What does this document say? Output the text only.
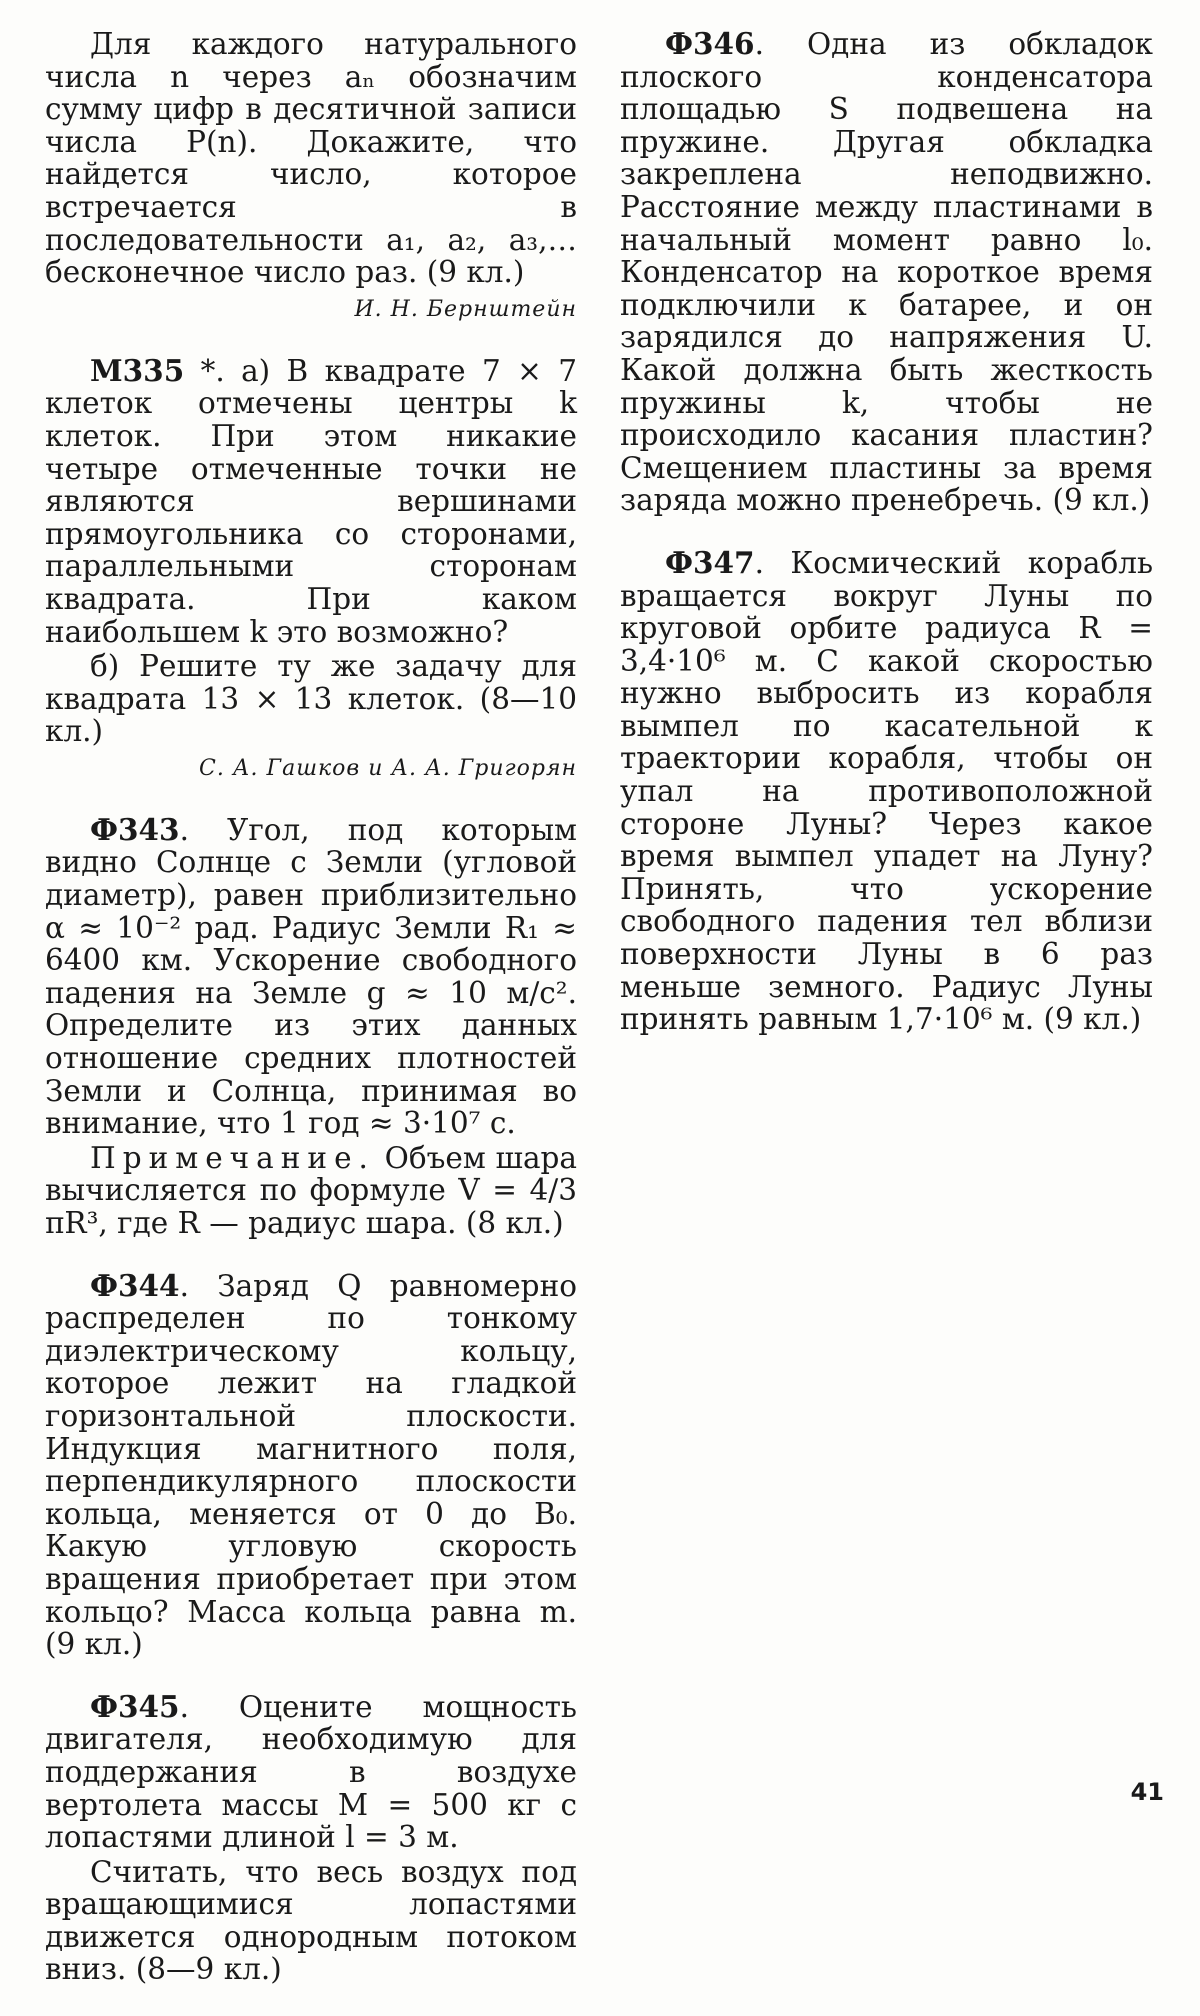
Для каждого натурального числа n через aₙ обозначим сумму цифр в десятичной записи числа P(n). Докажите, что найдется число, которое встречается в последовательности a₁, a₂, a₃,… бесконечное число раз. (9 кл.)

И. Н. Бернштейн

М335 *. а) В квадрате 7 × 7 клеток отмечены центры k клеток. При этом никакие четыре отмеченные точки не являются вершинами прямоугольника со сторонами, параллельными сторонам квадрата. При каком наибольшем k это возможно?

б) Решите ту же задачу для квадрата 13 × 13 клеток. (8—10 кл.)

С. А. Гашков и А. А. Григорян

Ф343. Угол, под которым видно Солнце с Земли (угловой диаметр), равен приблизительно α ≈ 10⁻² рад. Радиус Земли R₁ ≈ 6400 км. Ускорение свободного падения на Земле g ≈ 10 м/с². Определите из этих данных отношение средних плотностей Земли и Солнца, принимая во внимание, что 1 год ≈ 3·10⁷ с.

Примечание. Объем шара вычисляется по формуле V = 4/3 πR³, где R — радиус шара. (8 кл.)

Ф344. Заряд Q равномерно распределен по тонкому диэлектрическому кольцу, которое лежит на гладкой горизонтальной плоскости. Индукция магнитного поля, перпендикулярного плоскости кольца, меняется от 0 до B₀. Какую угловую скорость вращения приобретает при этом кольцо? Масса кольца равна m. (9 кл.)

Ф345. Оцените мощность двигателя, необходимую для поддержания в воздухе вертолета массы M = 500 кг с лопастями длиной l = 3 м.

Считать, что весь воздух под вращающимися лопастями движется однородным потоком вниз. (8—9 кл.)

Ф346. Одна из обкладок плоского конденсатора площадью S подвешена на пружине. Другая обкладка закреплена неподвижно. Расстояние между пластинами в начальный момент равно l₀. Конденсатор на короткое время подключили к батарее, и он зарядился до напряжения U. Какой должна быть жесткость пружины k, чтобы не происходило касания пластин? Смещением пластины за время заряда можно пренебречь. (9 кл.)

Ф347. Космический корабль вращается вокруг Луны по круговой орбите радиуса R = 3,4·10⁶ м. С какой скоростью нужно выбросить из корабля вымпел по касательной к траектории корабля, чтобы он упал на противоположной стороне Луны? Через какое время вымпел упадет на Луну? Принять, что ускорение свободного падения тел вблизи поверхности Луны в 6 раз меньше земного. Радиус Луны принять равным 1,7·10⁶ м. (9 кл.)

41
